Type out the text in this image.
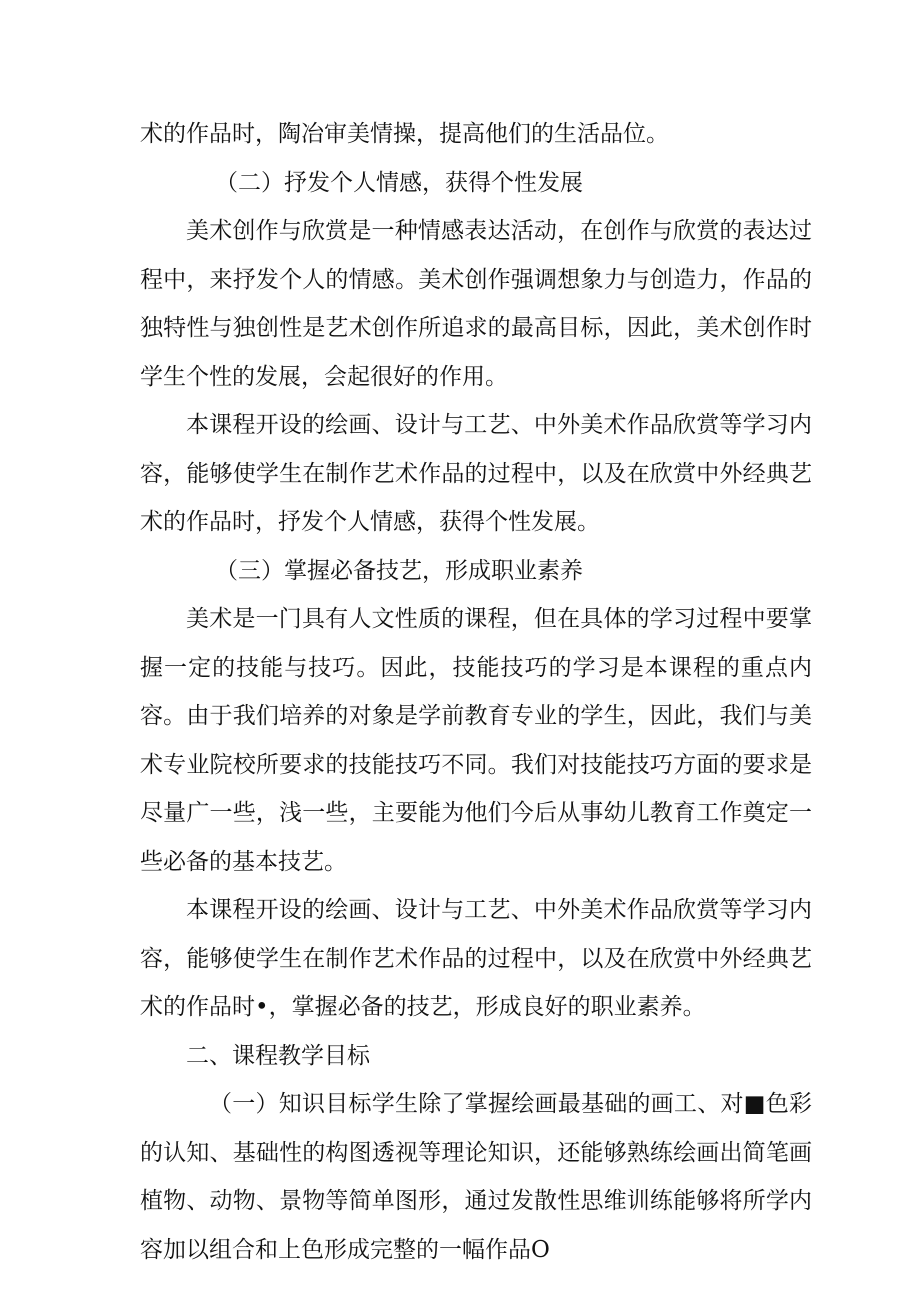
术的作品时，陶冶审美情操，提高他们的生活品位。

（二）抒发个人情感，获得个性发展

美术创作与欣赏是一种情感表达活动，在创作与欣赏的表达过程中，来抒发个人的情感。美术创作强调想象力与创造力，作品的独特性与独创性是艺术创作所追求的最高目标，因此，美术创作时学生个性的发展，会起很好的作用。

本课程开设的绘画、设计与工艺、中外美术作品欣赏等学习内容，能够使学生在制作艺术作品的过程中，以及在欣赏中外经典艺术的作品时，抒发个人情感，获得个性发展。

（三）掌握必备技艺，形成职业素养

美术是一门具有人文性质的课程，但在具体的学习过程中要掌握一定的技能与技巧。因此，技能技巧的学习是本课程的重点内容。由于我们培养的对象是学前教育专业的学生，因此，我们与美术专业院校所要求的技能技巧不同。我们对技能技巧方面的要求是尽量广一些，浅一些，主要能为他们今后从事幼儿教育工作奠定一些必备的基本技艺。

本课程开设的绘画、设计与工艺、中外美术作品欣赏等学习内容，能够使学生在制作艺术作品的过程中，以及在欣赏中外经典艺术的作品时•，掌握必备的技艺，形成良好的职业素养。

二、课程教学目标

（一）知识目标学生除了掌握绘画最基础的画工、对■色彩的认知、基础性的构图透视等理论知识，还能够熟练绘画出简笔画植物、动物、景物等简单图形，通过发散性思维训练能够将所学内容加以组合和上色形成完整的一幅作品O
